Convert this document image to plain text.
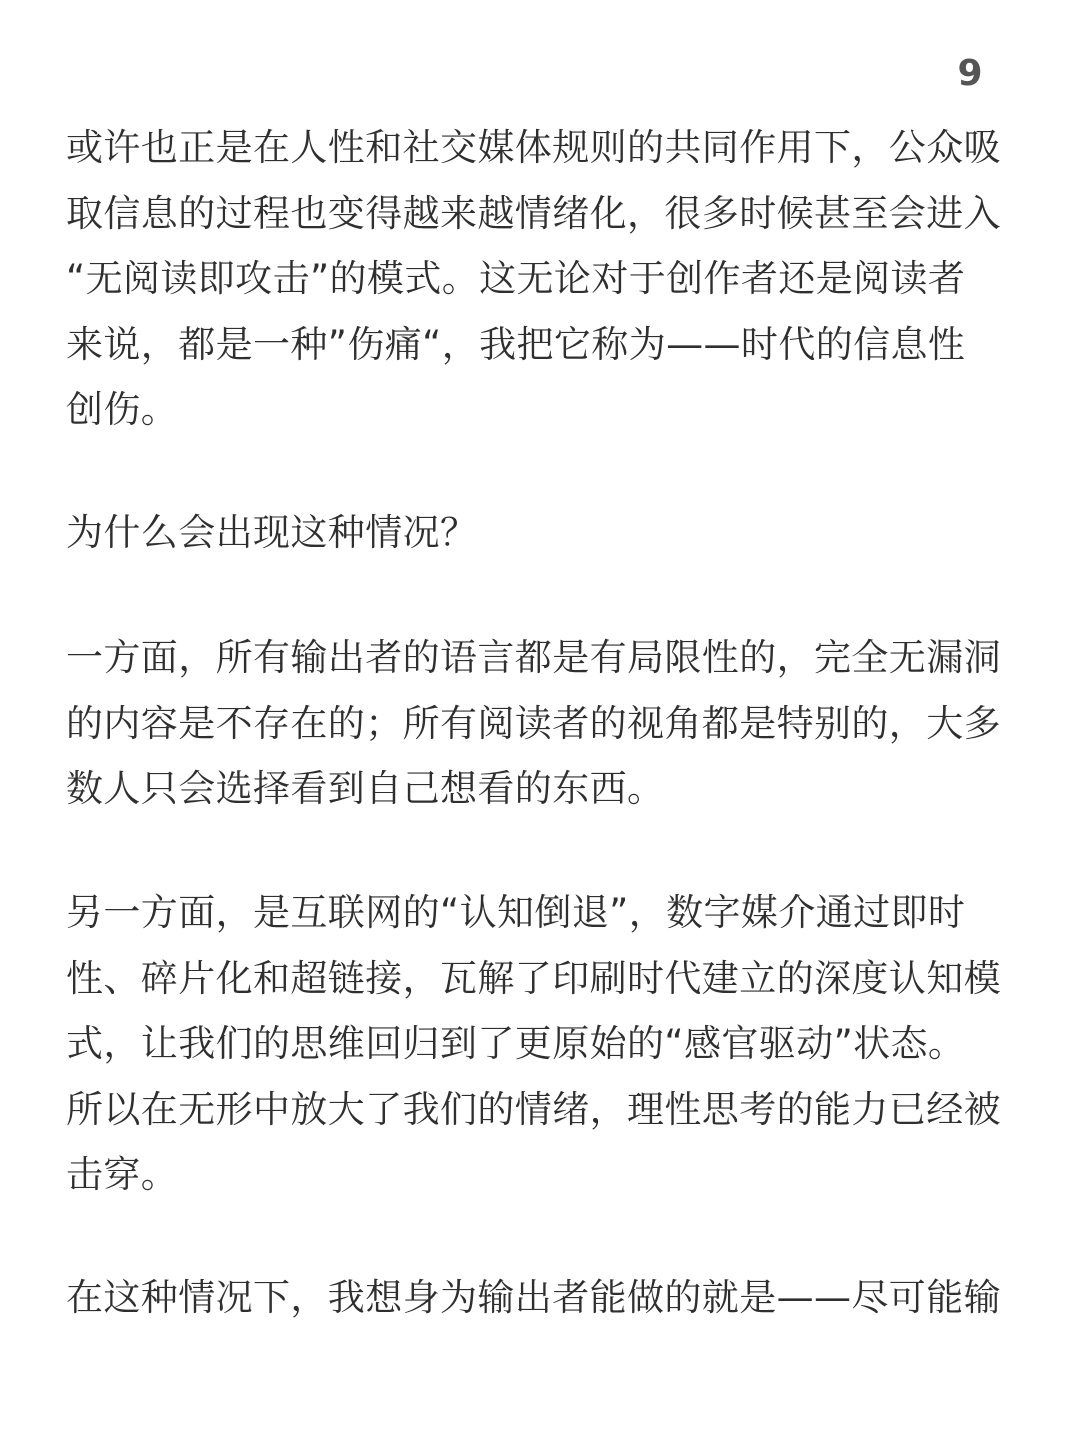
9

或许也正是在人性和社交媒体规则的共同作用下，公众吸
取信息的过程也变得越来越情绪化，很多时候甚至会进入
“无阅读即攻击”的模式。这无论对于创作者还是阅读者
来说，都是一种”伤痛“，我把它称为——时代的信息性
创伤。

为什么会出现这种情况？

一方面，所有输出者的语言都是有局限性的，完全无漏洞
的内容是不存在的；所有阅读者的视角都是特别的，大多
数人只会选择看到自己想看的东西。

另一方面，是互联网的“认知倒退”，数字媒介通过即时
性、碎片化和超链接，瓦解了印刷时代建立的深度认知模
式，让我们的思维回归到了更原始的“感官驱动”状态。
所以在无形中放大了我们的情绪，理性思考的能力已经被
击穿。

在这种情况下，我想身为输出者能做的就是——尽可能输
